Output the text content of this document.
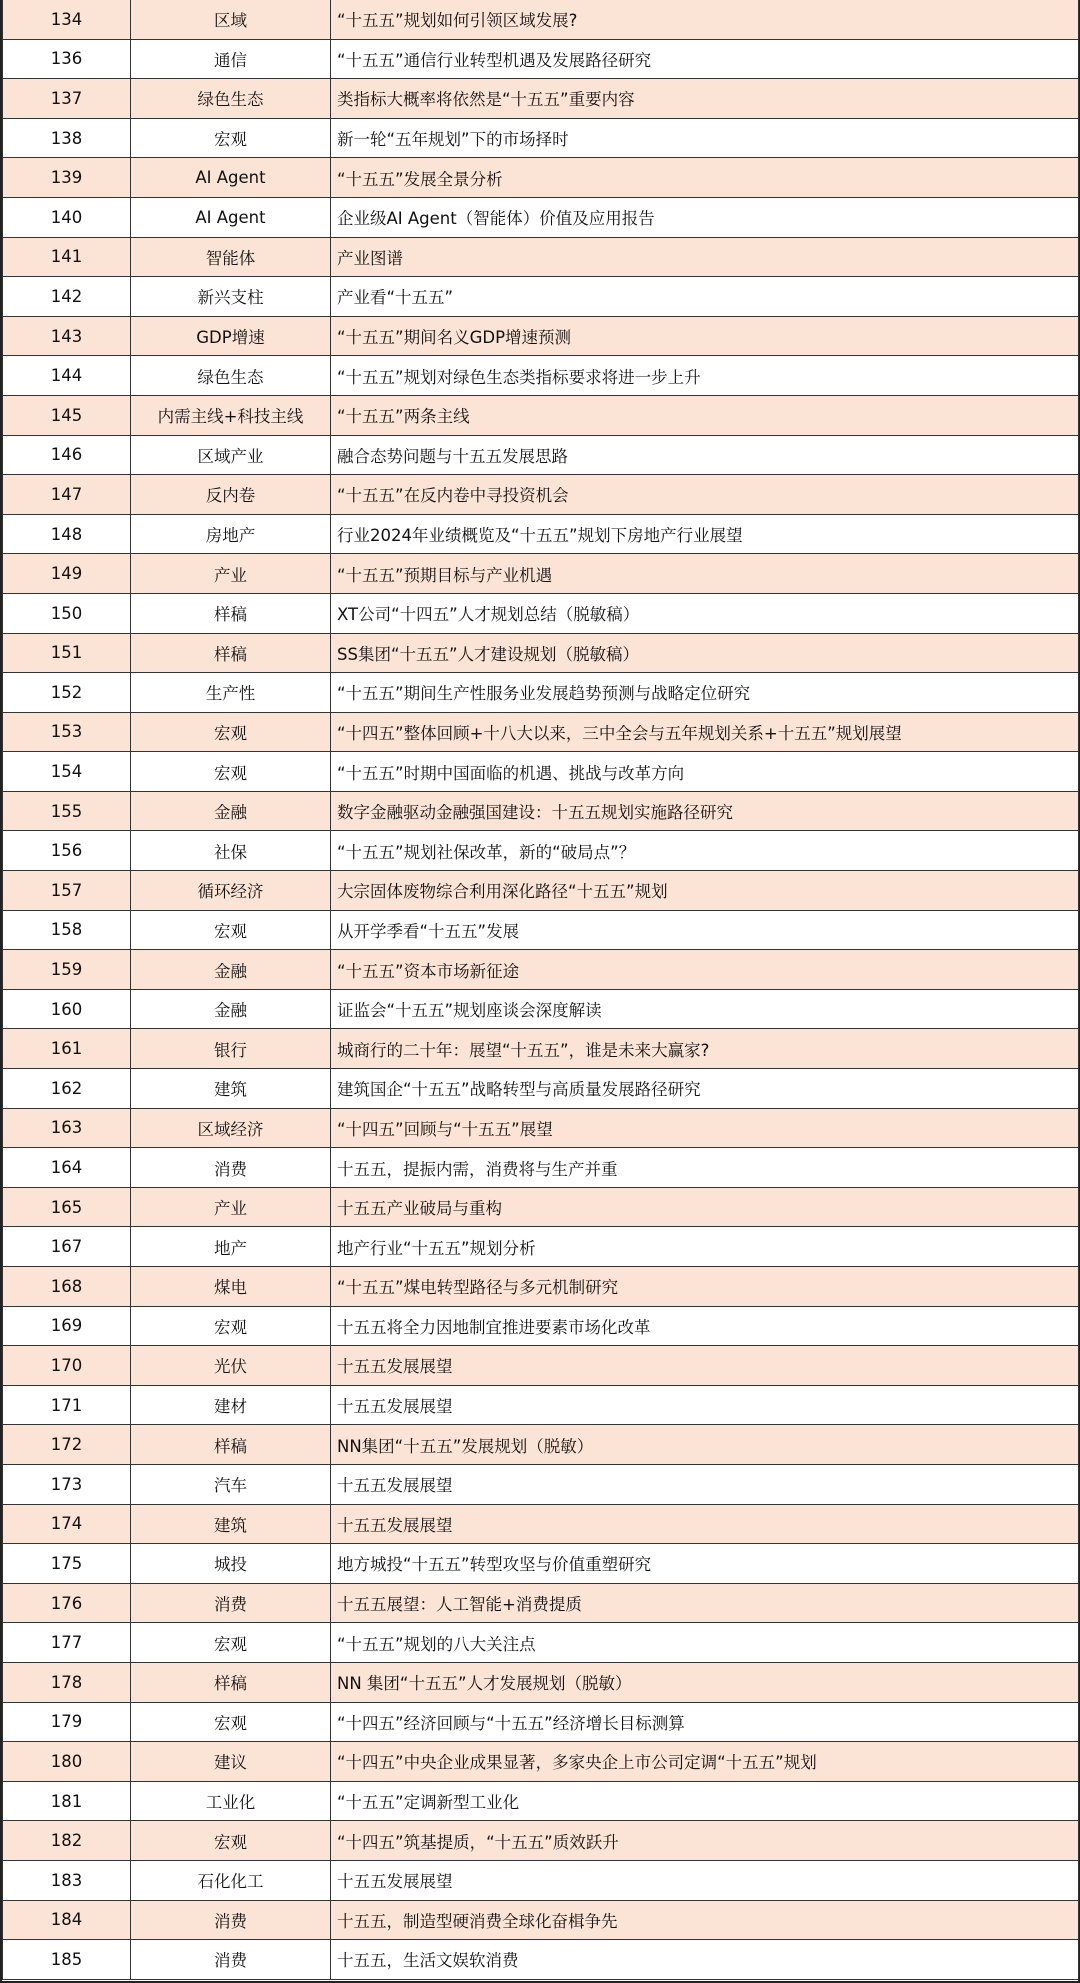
134	区域	“十五五”规划如何引领区域发展?
136	通信	“十五五”通信行业转型机遇及发展路径研究
137	绿色生态	类指标大概率将依然是“十五五”重要内容
138	宏观	新一轮“五年规划”下的市场择时
139	AI Agent	“十五五”发展全景分析
140	AI Agent	企业级AI Agent（智能体）价值及应用报告
141	智能体	产业图谱
142	新兴支柱	产业看“十五五”
143	GDP增速	“十五五”期间名义GDP增速预测
144	绿色生态	“十五五”规划对绿色生态类指标要求将进一步上升
145	内需主线+科技主线	“十五五”两条主线
146	区域产业	融合态势问题与十五五发展思路
147	反内卷	“十五五”在反内卷中寻投资机会
148	房地产	行业2024年业绩概览及“十五五”规划下房地产行业展望
149	产业	“十五五”预期目标与产业机遇
150	样稿	XT公司“十四五”人才规划总结（脱敏稿）
151	样稿	SS集团“十五五”人才建设规划（脱敏稿）
152	生产性	“十五五”期间生产性服务业发展趋势预测与战略定位研究
153	宏观	“十四五”整体回顾+十八大以来，三中全会与五年规划关系+十五五”规划展望
154	宏观	“十五五”时期中国面临的机遇、挑战与改革方向
155	金融	数字金融驱动金融强国建设：十五五规划实施路径研究
156	社保	“十五五”规划社保改革，新的“破局点”？
157	循环经济	大宗固体废物综合利用深化路径“十五五”规划
158	宏观	从开学季看“十五五”发展
159	金融	“十五五”资本市场新征途
160	金融	证监会“十五五”规划座谈会深度解读
161	银行	城商行的二十年：展望“十五五”，谁是未来大赢家?
162	建筑	建筑国企“十五五”战略转型与高质量发展路径研究
163	区域经济	“十四五”回顾与“十五五”展望
164	消费	十五五，提振内需，消费将与生产并重
165	产业	十五五产业破局与重构
167	地产	地产行业“十五五”规划分析
168	煤电	“十五五”煤电转型路径与多元机制研究
169	宏观	十五五将全力因地制宜推进要素市场化改革
170	光伏	十五五发展展望
171	建材	十五五发展展望
172	样稿	NN集团“十五五”发展规划（脱敏）
173	汽车	十五五发展展望
174	建筑	十五五发展展望
175	城投	地方城投“十五五”转型攻坚与价值重塑研究
176	消费	十五五展望：人工智能+消费提质
177	宏观	“十五五”规划的八大关注点
178	样稿	NN 集团“十五五”人才发展规划（脱敏）
179	宏观	“十四五”经济回顾与“十五五”经济增长目标测算
180	建议	“十四五”中央企业成果显著，多家央企上市公司定调“十五五”规划
181	工业化	“十五五”定调新型工业化
182	宏观	“十四五”筑基提质，“十五五”质效跃升
183	石化化工	十五五发展展望
184	消费	十五五，制造型硬消费全球化奋楫争先
185	消费	十五五，生活文娱软消费
